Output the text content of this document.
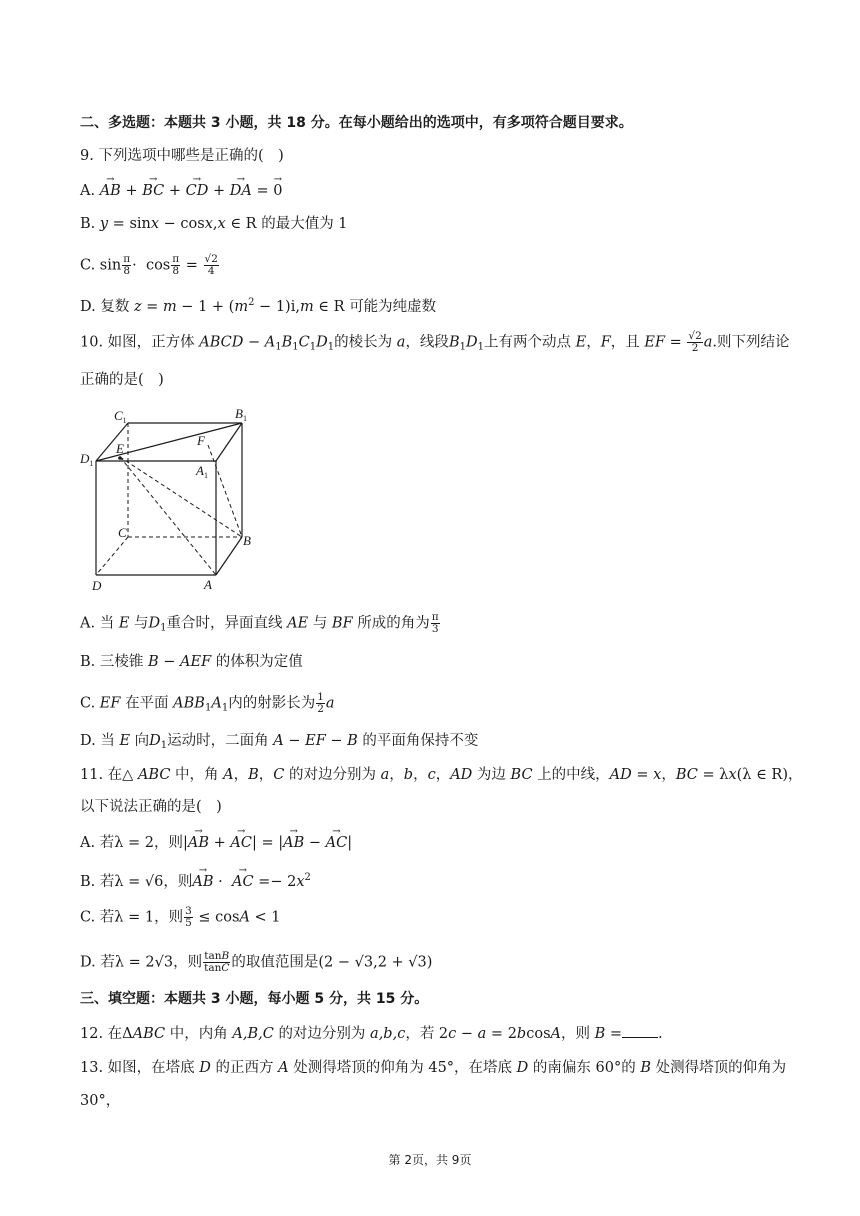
二、多选题：本题共 3 小题，共 18 分。在每小题给出的选项中，有多项符合题目要求。
9. 下列选项中哪些是正确的(　)
A. → AB + → BC + → CD + → DA = → 0
B. y = sinx − cosx,x ∈ R 的最大值为 1
C. $\sin \frac{\pi}{8} \cdot \cos \frac{\pi}{8} = \frac{√2}{4}$
D. 复数 $z = m - 1 + (m^2 - 1)i,m$ ∈ R 可能为纯虚数
10. 如图，正方体 ABCD − $A_1B_1C_1D_1$的棱长为 a，线段$B_1D_1$上有两个动点 E，F，且 EF = $\frac{√2}{2} a$.则下列结论
正确的是(　)
$C_1$	$B_1$
$D_1$
E
F
$A_1$
C
B
D	A
A. 当 E 与$D_1$重合时，异面直线 AE 与 BF 所成的角为 $\frac{\pi}{3}$
B. 三棱锥 B − AEF 的体积为定值
C. EF 在平面 $ABB_1A_1$内的射影长为 $\frac{1}{2}$ a
D. 当 E 向$D_1$运动时，二面角 A − EF − B 的平面角保持不变
11. 在△ ABC 中，角 A，B，C 的对边分别为 a，b，c，AD 为边 BC 上的中线，AD = x，BC = λx(λ ∈ R)，
以下说法正确的是(　)
A. 若λ = 2，则|→ AB + → AC| = |→ AB − → AC|
B. 若λ = √6，则→ AB ·  → AC =− $2x^2$
C. 若λ = 1，则 $\frac{3}{5} \le \cos A < 1$
D. 若λ = 2√3，则 $\frac{\tan B}{\tan C}$ 的取值范围是(2 − √3,2 + √3)
三、填空题：本题共 3 小题，每小题 5 分，共 15 分。
12. 在ΔABC 中，内角 A,B,C 的对边分别为 a,b,c，若 2c − a = 2bcosA，则 B = .
13. 如图，在塔底 D 的正西方 A 处测得塔顶的仰角为 45°，在塔底 D 的南偏东 60°的 B 处测得塔顶的仰角为
30°，
第 2页，共 9页
